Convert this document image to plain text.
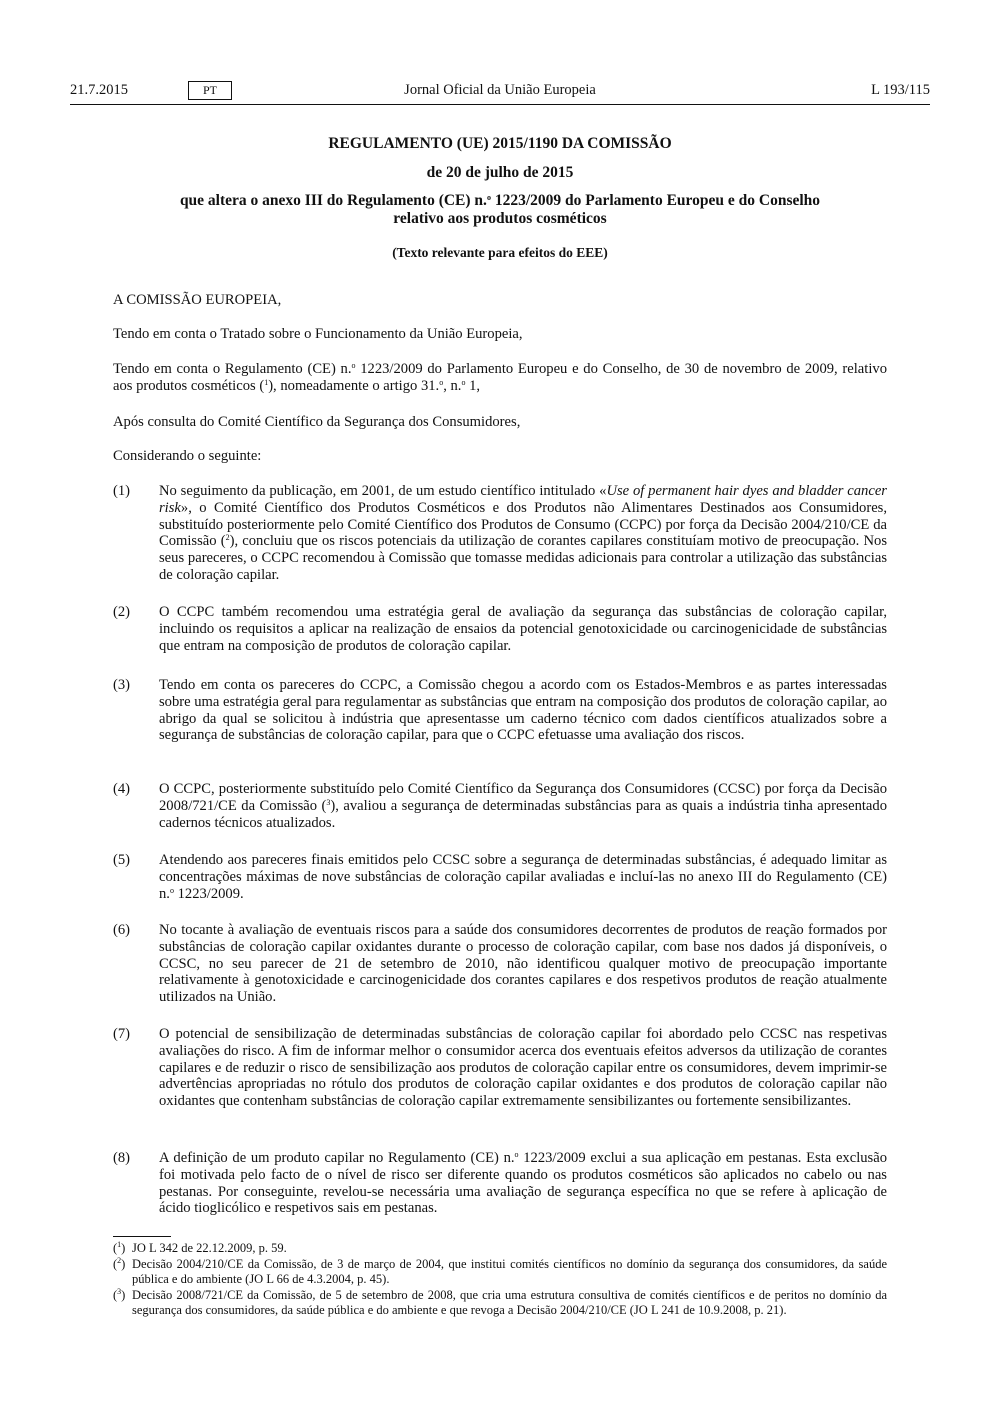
21.7.2015	Jornal Oficial da União Europeia
PT	L 193/115
REGULAMENTO (UE) 2015/1190 DA COMISSÃO
de 20 de julho de 2015
que altera o anexo III do Regulamento (CE) n.$^o$ 1223/2009 do Parlamento Europeu e do Conselho
relativo aos produtos cosméticos
(Texto relevante para efeitos do EEE)
A COMISSÃO EUROPEIA,
Tendo em conta o Tratado sobre o Funcionamento da União Europeia,
Tendo em conta o Regulamento (CE) n.$^o$ 1223/2009 do Parlamento Europeu e do Conselho, de 30 de novembro de 2009, relativo aos produtos cosméticos ($^1$), nomeadamente o artigo 31.$^o$, n.$^o$ 1,
Após consulta do Comité Científico da Segurança dos Consumidores,
Considerando o seguinte:
(1)	No seguimento da publicação, em 2001, de um estudo científico intitulado «Use of permanent hair dyes and bladder cancer risk», o Comité Científico dos Produtos Cosméticos e dos Produtos não Alimentares Destinados aos Consumidores, substituído posteriormente pelo Comité Científico dos Produtos de Consumo (CCPC) por força da Decisão 2004/210/CE da Comissão ($^2$), concluiu que os riscos potenciais da utilização de corantes capilares constituíam motivo de preocupação. Nos seus pareceres, o CCPC recomendou à Comissão que tomasse medidas adicionais para controlar a utilização das substâncias de coloração capilar.
(2)	O CCPC também recomendou uma estratégia geral de avaliação da segurança das substâncias de coloração capilar, incluindo os requisitos a aplicar na realização de ensaios da potencial genotoxicidade ou carcinogenicidade de substâncias que entram na composição de produtos de coloração capilar.
(3)	Tendo em conta os pareceres do CCPC, a Comissão chegou a acordo com os Estados-Membros e as partes interessadas sobre uma estratégia geral para regulamentar as substâncias que entram na composição dos produtos de coloração capilar, ao abrigo da qual se solicitou à indústria que apresentasse um caderno técnico com dados científicos atualizados sobre a segurança de substâncias de coloração capilar, para que o CCPC efetuasse uma avaliação dos riscos.
(4)	O CCPC, posteriormente substituído pelo Comité Científico da Segurança dos Consumidores (CCSC) por força da Decisão 2008/721/CE da Comissão ($^3$), avaliou a segurança de determinadas substâncias para as quais a indústria tinha apresentado cadernos técnicos atualizados.
(5)	Atendendo aos pareceres finais emitidos pelo CCSC sobre a segurança de determinadas substâncias, é adequado limitar as concentrações máximas de nove substâncias de coloração capilar avaliadas e incluí-las no anexo III do Regulamento (CE) n.$^o$ 1223/2009.
(6)	No tocante à avaliação de eventuais riscos para a saúde dos consumidores decorrentes de produtos de reação formados por substâncias de coloração capilar oxidantes durante o processo de coloração capilar, com base nos dados já disponíveis, o CCSC, no seu parecer de 21 de setembro de 2010, não identificou qualquer motivo de preocupação importante relativamente à genotoxicidade e carcinogenicidade dos corantes capilares e dos respetivos produtos de reação atualmente utilizados na União.
(7)	O potencial de sensibilização de determinadas substâncias de coloração capilar foi abordado pelo CCSC nas respetivas avaliações do risco. A fim de informar melhor o consumidor acerca dos eventuais efeitos adversos da utilização de corantes capilares e de reduzir o risco de sensibilização aos produtos de coloração capilar entre os consumidores, devem imprimir-se advertências apropriadas no rótulo dos produtos de coloração capilar oxidantes e dos produtos de coloração capilar não oxidantes que contenham substâncias de coloração capilar extremamente sensibilizantes ou fortemente sensibilizantes.
(8)	A definição de um produto capilar no Regulamento (CE) n.$^o$ 1223/2009 exclui a sua aplicação em pestanas. Esta exclusão foi motivada pelo facto de o nível de risco ser diferente quando os produtos cosméticos são aplicados no cabelo ou nas pestanas. Por conseguinte, revelou-se necessária uma avaliação de segurança específica no que se refere à aplicação de ácido tioglicólico e respetivos sais em pestanas.
($^1$) JO L 342 de 22.12.2009, p. 59.
($^2$) Decisão 2004/210/CE da Comissão, de 3 de março de 2004, que institui comités científicos no domínio da segurança dos consumidores, da saúde pública e do ambiente (JO L 66 de 4.3.2004, p. 45).
($^3$) Decisão 2008/721/CE da Comissão, de 5 de setembro de 2008, que cria uma estrutura consultiva de comités científicos e de peritos no domínio da segurança dos consumidores, da saúde pública e do ambiente e que revoga a Decisão 2004/210/CE (JO L 241 de 10.9.2008, p. 21).
